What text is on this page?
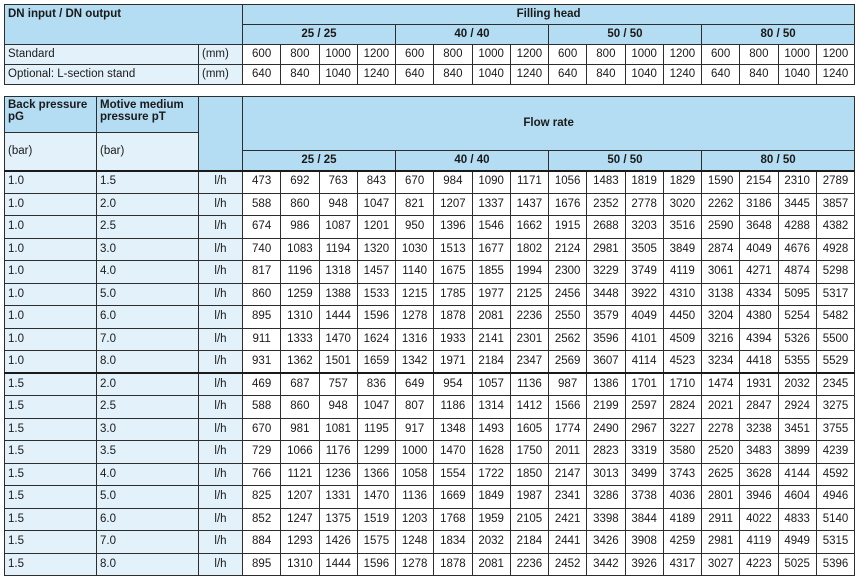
DN input / DN output		Filling head															
		25 / 25				40 / 40				50 / 50				80 / 50			
Standard	(mm)	600	800	1000	1200	600	800	1000	1200	600	800	1000	1200	600	800	1000	1200
Optional: L-section stand	(mm)	640	840	1040	1240	640	840	1040	1240	640	840	1040	1240	640	840	1040	1240
Back pressure pG	Motive medium pressure pT		Flow rate															
(bar)	(bar)																	
			25 / 25				40 / 40				50 / 50				80 / 50			
1.0	1.5	l/h	473	692	763	843	670	984	1090	1171	1056	1483	1819	1829	1590	2154	2310	2789
1.0	2.0	l/h	588	860	948	1047	821	1207	1337	1437	1676	2352	2778	3020	2262	3186	3445	3857
1.0	2.5	l/h	674	986	1087	1201	950	1396	1546	1662	1915	2688	3203	3516	2590	3648	4288	4382
1.0	3.0	l/h	740	1083	1194	1320	1030	1513	1677	1802	2124	2981	3505	3849	2874	4049	4676	4928
1.0	4.0	l/h	817	1196	1318	1457	1140	1675	1855	1994	2300	3229	3749	4119	3061	4271	4874	5298
1.0	5.0	l/h	860	1259	1388	1533	1215	1785	1977	2125	2456	3448	3922	4310	3138	4334	5095	5317
1.0	6.0	l/h	895	1310	1444	1596	1278	1878	2081	2236	2550	3579	4049	4450	3204	4380	5254	5482
1.0	7.0	l/h	911	1333	1470	1624	1316	1933	2141	2301	2562	3596	4101	4509	3216	4394	5326	5500
1.0	8.0	l/h	931	1362	1501	1659	1342	1971	2184	2347	2569	3607	4114	4523	3234	4418	5355	5529
1.5	2.0	l/h	469	687	757	836	649	954	1057	1136	987	1386	1701	1710	1474	1931	2032	2345
1.5	2.5	l/h	588	860	948	1047	807	1186	1314	1412	1566	2199	2597	2824	2021	2847	2924	3275
1.5	3.0	l/h	670	981	1081	1195	917	1348	1493	1605	1774	2490	2967	3227	2278	3238	3451	3755
1.5	3.5	l/h	729	1066	1176	1299	1000	1470	1628	1750	2011	2823	3319	3580	2520	3483	3899	4239
1.5	4.0	l/h	766	1121	1236	1366	1058	1554	1722	1850	2147	3013	3499	3743	2625	3628	4144	4592
1.5	5.0	l/h	825	1207	1331	1470	1136	1669	1849	1987	2341	3286	3738	4036	2801	3946	4604	4946
1.5	6.0	l/h	852	1247	1375	1519	1203	1768	1959	2105	2421	3398	3844	4189	2911	4022	4833	5140
1.5	7.0	l/h	884	1293	1426	1575	1248	1834	2032	2184	2441	3426	3908	4259	2981	4119	4949	5315
1.5	8.0	l/h	895	1310	1444	1596	1278	1878	2081	2236	2452	3442	3926	4317	3027	4223	5025	5396
